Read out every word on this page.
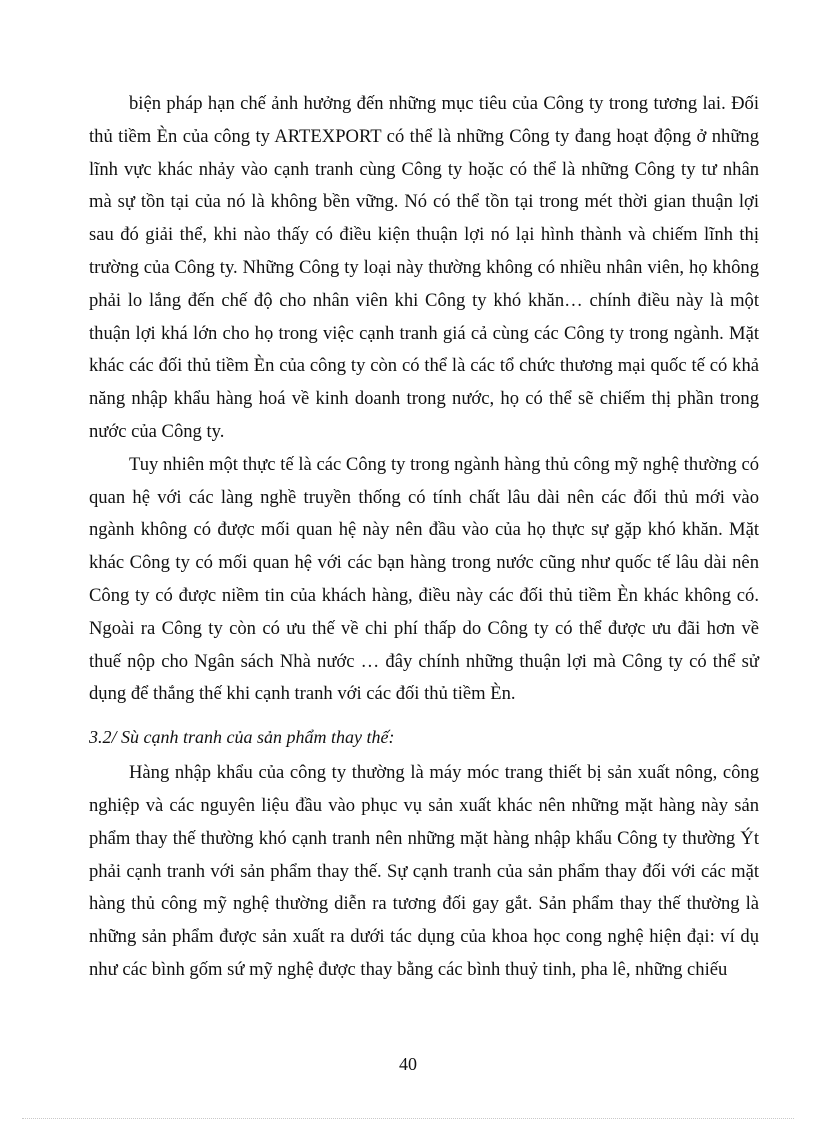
biện pháp hạn chế ảnh hưởng đến những mục tiêu của Công ty trong tương lai. Đối thủ tiềm Èn của công ty ARTEXPORT có thể là những Công ty đang hoạt động ở những lĩnh vực khác nhảy vào cạnh tranh cùng Công ty hoặc có thể là những Công ty tư nhân mà sự tồn tại của nó là không bền vững. Nó có thể tồn tại trong mét thời gian thuận lợi sau đó giải thể, khi nào thấy có điều kiện thuận lợi nó lại hình thành và chiếm lĩnh thị trường của Công ty. Những Công ty loại này thường không có nhiều nhân viên, họ không phải lo lắng đến chế độ cho nhân viên khi Công ty khó khăn… chính điều này là một thuận lợi khá lớn cho họ trong việc cạnh tranh giá cả cùng các Công ty trong ngành. Mặt khác các đối thủ tiềm Èn của công ty còn có thể là các tổ chức thương mại quốc tế có khả năng nhập khẩu hàng hoá về kinh doanh trong nước, họ có thể sẽ chiếm thị phần trong nước của Công ty.

Tuy nhiên một thực tế là các Công ty trong ngành hàng thủ công mỹ nghệ thường có quan hệ với các làng nghề truyền thống có tính chất lâu dài nên các đối thủ mới vào ngành không có được mối quan hệ này nên đầu vào của họ thực sự gặp khó khăn. Mặt khác Công ty có mối quan hệ với các bạn hàng trong nước cũng như quốc tế lâu dài nên Công ty có được niềm tin của khách hàng, điều này các đối thủ tiềm Èn khác không có. Ngoài ra Công ty còn có ưu thế về chi phí thấp do Công ty có thể được ưu đãi hơn về thuế nộp cho Ngân sách Nhà nước … đây chính những thuận lợi mà Công ty có thể sử dụng để thắng thế khi cạnh tranh với các đối thủ tiềm Èn.

3.2/ Sù cạnh tranh của sản phẩm thay thế:

Hàng nhập khẩu của công ty thường là máy móc trang thiết bị sản xuất nông, công nghiệp và các nguyên liệu đầu vào phục vụ sản xuất khác nên những mặt hàng này sản phẩm thay thế thường khó cạnh tranh nên những mặt hàng nhập khẩu Công ty thường Ýt phải cạnh tranh với sản phẩm thay thế. Sự cạnh tranh của sản phẩm thay đối với các mặt hàng thủ công mỹ nghệ thường diễn ra tương đối gay gắt. Sản phẩm thay thế thường là những sản phẩm được sản xuất ra dưới tác dụng của khoa học cong nghệ hiện đại: ví dụ như các bình gốm sứ mỹ nghệ được thay bằng các bình thuỷ tinh, pha lê, những chiếu

40
